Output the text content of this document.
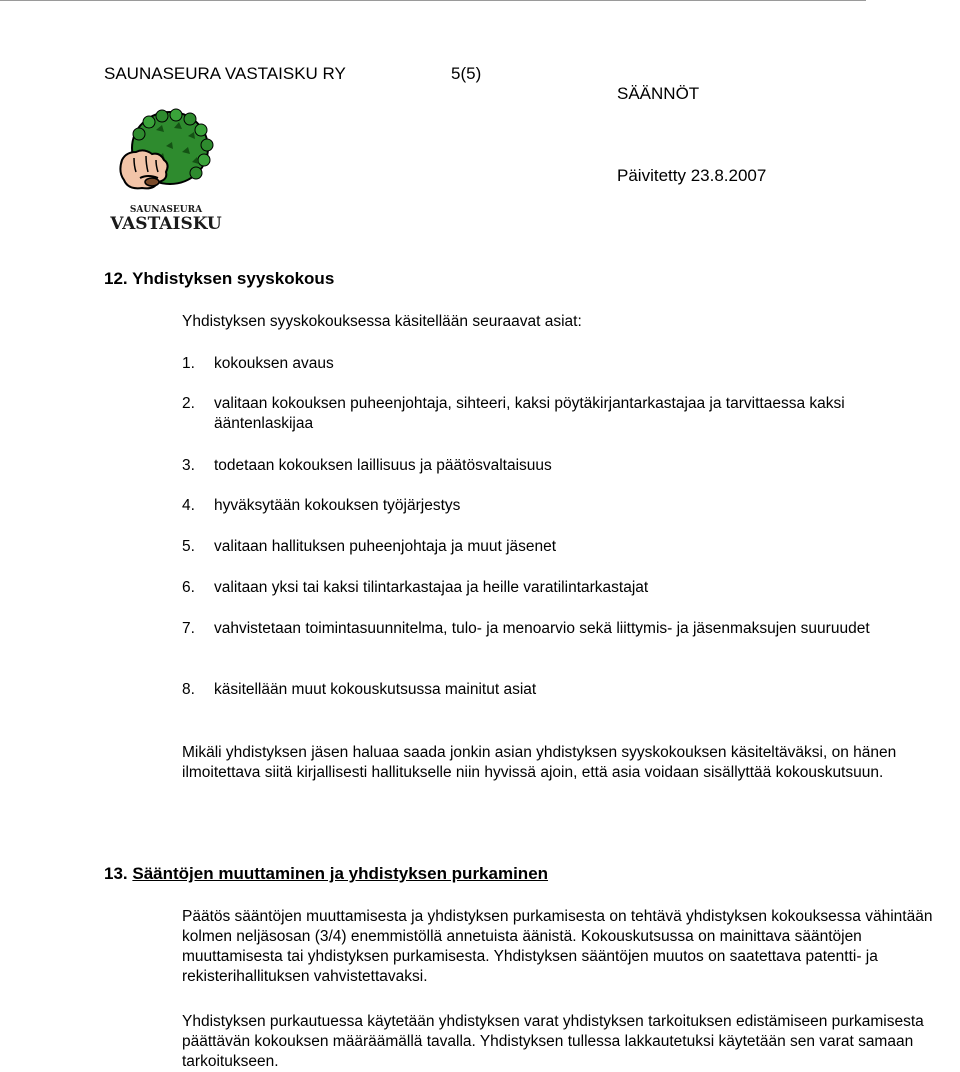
SAUNASEURA VASTAISKU RY	5(5)
SÄÄNNÖT
Päivitetty 23.8.2007
SAUNASEURA
VASTAISKU
12. Yhdistyksen syyskokous

Yhdistyksen syyskokouksessa käsitellään seuraavat asiat:

1.	kokouksen avaus
2.	valitaan kokouksen puheenjohtaja, sihteeri, kaksi pöytäkirjantarkastajaa ja tarvittaessa kaksi ääntenlaskijaa
3.	todetaan kokouksen laillisuus ja päätösvaltaisuus
4.	hyväksytään kokouksen työjärjestys
5.	valitaan hallituksen puheenjohtaja ja muut jäsenet
6.	valitaan yksi tai kaksi tilintarkastajaa ja heille varatilintarkastajat
7.	vahvistetaan toimintasuunnitelma, tulo- ja menoarvio sekä liittymis- ja jäsenmaksujen suuruudet
8.	käsitellään muut kokouskutsussa mainitut asiat

Mikäli yhdistyksen jäsen haluaa saada jonkin asian yhdistyksen syyskokouksen käsiteltäväksi, on hänen ilmoitettava siitä kirjallisesti hallitukselle niin hyvissä ajoin, että asia voidaan sisällyttää kokouskutsuun.

13. Sääntöjen muuttaminen ja yhdistyksen purkaminen

Päätös sääntöjen muuttamisesta ja yhdistyksen purkamisesta on tehtävä yhdistyksen kokouksessa vähintään kolmen neljäsosan (3/4) enemmistöllä annetuista äänistä. Kokouskutsussa on mainittava sääntöjen muuttamisesta tai yhdistyksen purkamisesta. Yhdistyksen sääntöjen muutos on saatettava patentti- ja rekisterihallituksen vahvistettavaksi.

Yhdistyksen purkautuessa käytetään yhdistyksen varat yhdistyksen tarkoituksen edistämiseen purkamisesta päättävän kokouksen määräämällä tavalla. Yhdistyksen tullessa lakkautetuksi käytetään sen varat samaan tarkoitukseen.
